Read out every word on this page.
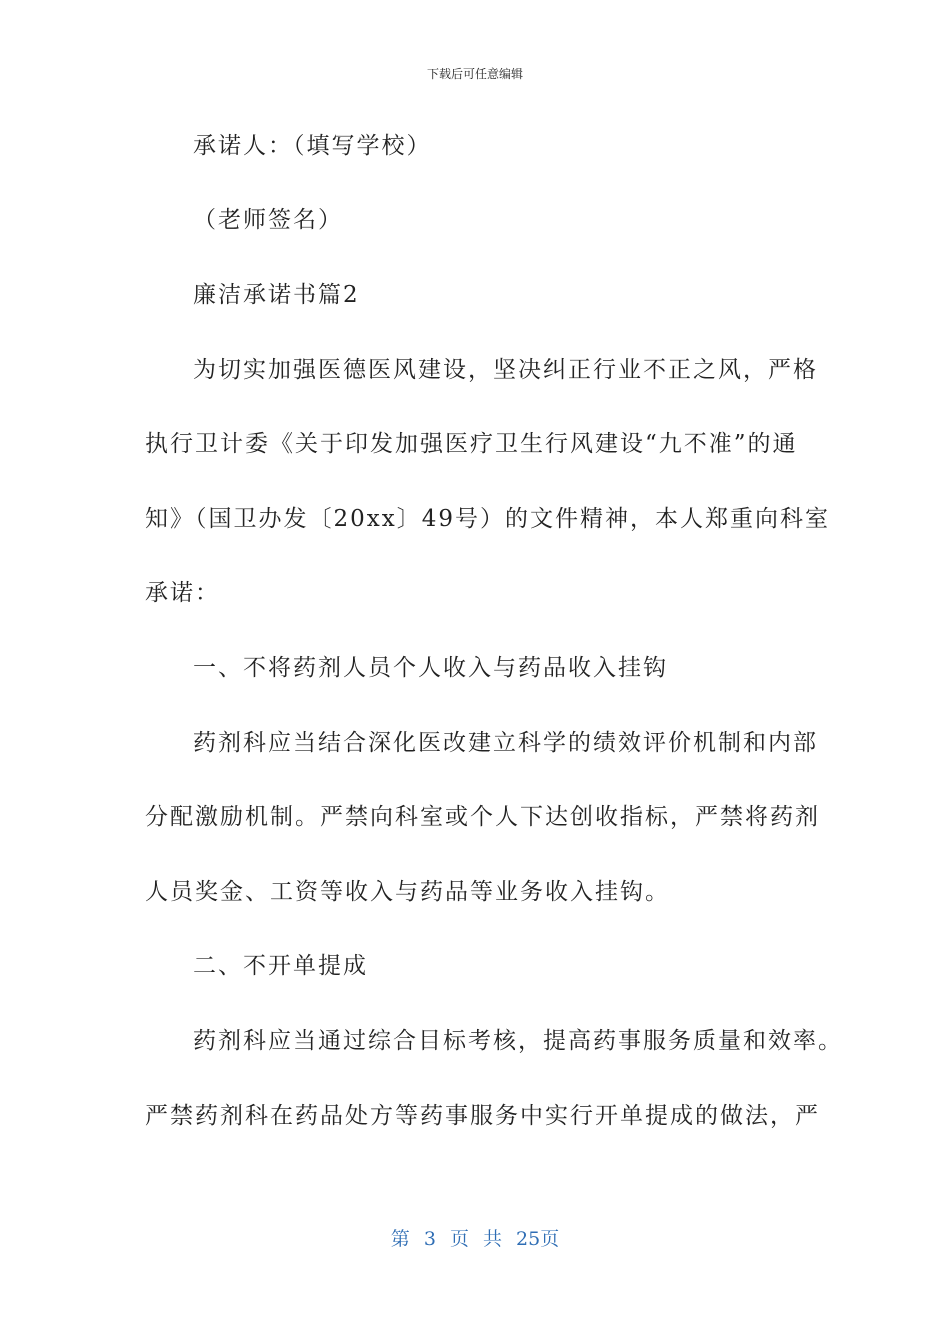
下载后可任意编辑

承诺人：（填写学校）

（老师签名）

廉洁承诺书篇2

为切实加强医德医风建设，坚决纠正行业不正之风，严格

执行卫计委《关于印发加强医疗卫生行风建设“九不准”的通

知》（国卫办发〔20xx〕49号）的文件精神，本人郑重向科室

承诺：

一、不将药剂人员个人收入与药品收入挂钩

药剂科应当结合深化医改建立科学的绩效评价机制和内部

分配激励机制。严禁向科室或个人下达创收指标，严禁将药剂

人员奖金、工资等收入与药品等业务收入挂钩。

二、不开单提成

药剂科应当通过综合目标考核，提高药事服务质量和效率。

严禁药剂科在药品处方等药事服务中实行开单提成的做法，严

第 3 页 共 25页
